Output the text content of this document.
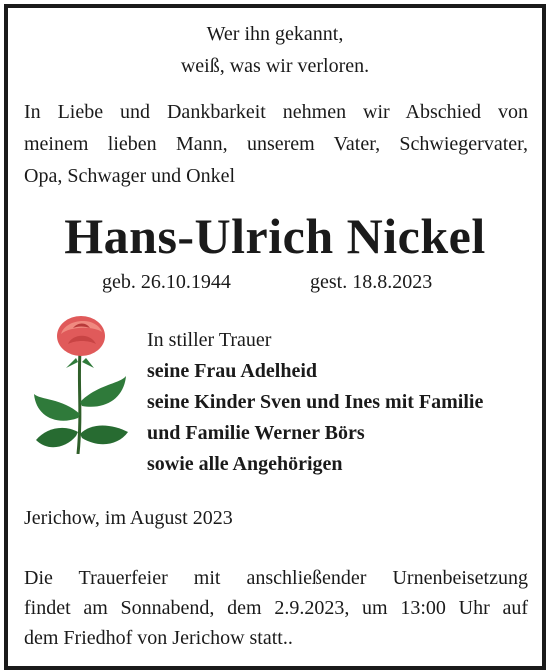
Wer ihn gekannt,
weiß, was wir verloren.
In Liebe und Dankbarkeit nehmen wir Abschied von
meinem lieben Mann, unserem Vater, Schwiegervater,
Opa, Schwager und Onkel
Hans-Ulrich Nickel
geb. 26.10.1944	gest. 18.8.2023
In stiller Trauer
seine Frau Adelheid
seine Kinder Sven und Ines mit Familie
und Familie Werner Börs
sowie alle Angehörigen
Jerichow, im August 2023
Die Trauerfeier mit anschließender Urnenbeisetzung
findet am Sonnabend, dem 2.9.2023, um 13:00 Uhr auf
dem Friedhof von Jerichow statt..
